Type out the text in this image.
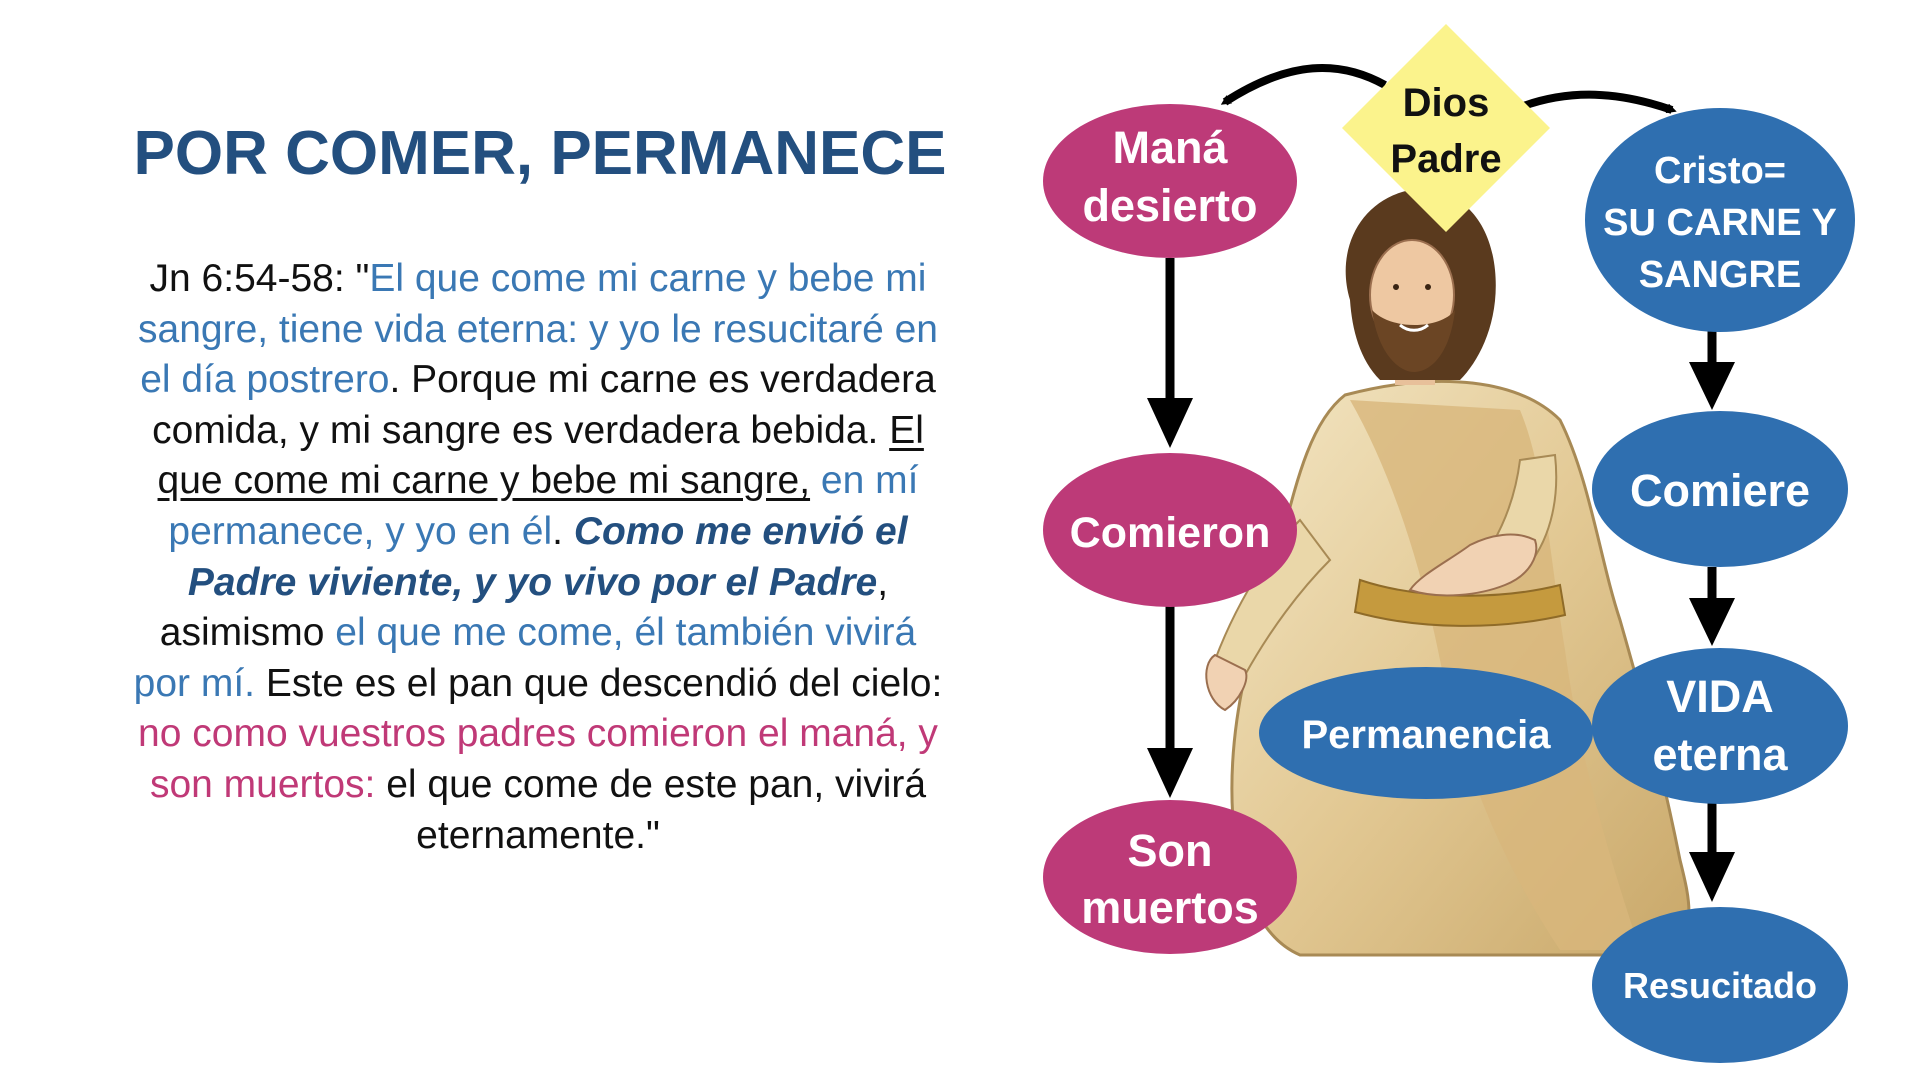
POR COMER, PERMANECE
Jn 6:54-58: "El que come mi carne y bebe mi sangre, tiene vida eterna: y yo le resucitaré en el día postrero. Porque mi carne es verdadera comida, y mi sangre es verdadera bebida. El que come mi carne y bebe mi sangre, en mí permanece, y yo en él. Como me envió el Padre viviente, y yo vivo por el Padre, asimismo el que me come, él también vivirá por mí. Este es el pan que descendió del cielo: no como vuestros padres comieron el maná, y son muertos: el que come de este pan, vivirá eternamente."
Dios
Padre
Maná
desierto
Comieron
Son
muertos
Cristo=
SU CARNE Y
SANGRE
Comiere
VIDA
eterna
Resucitado
Permanencia
